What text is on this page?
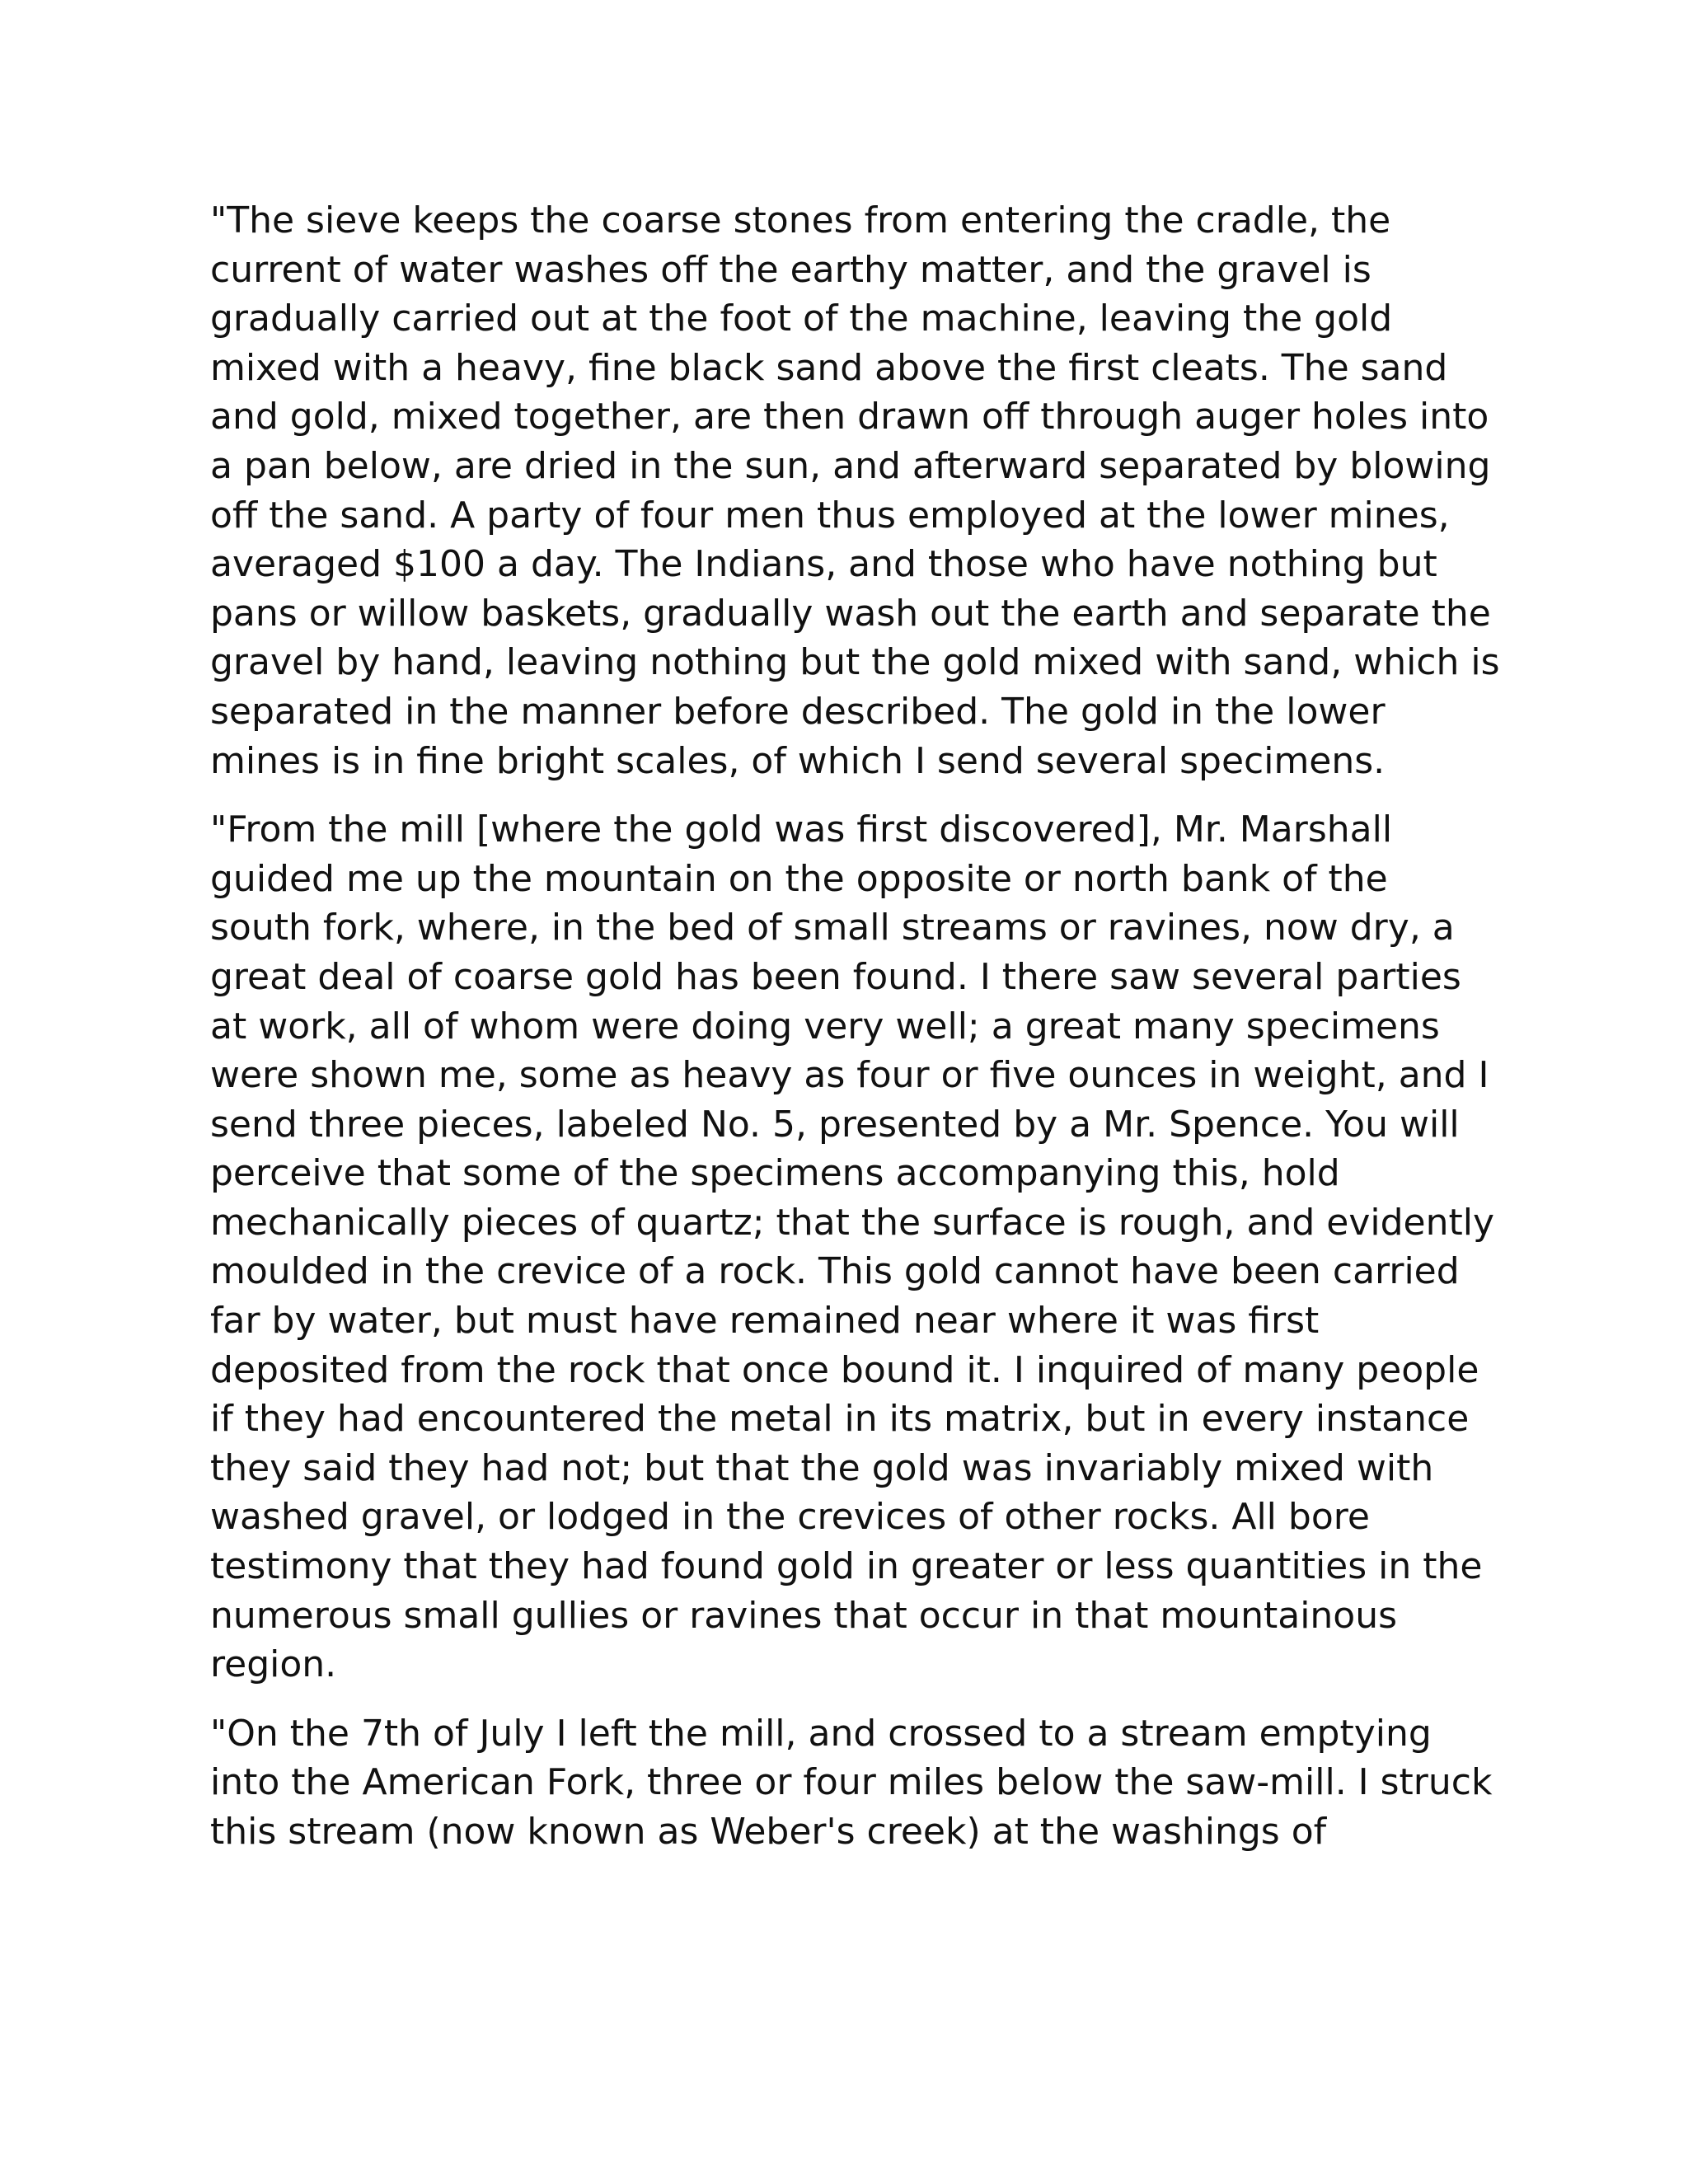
"The sieve keeps the coarse stones from entering the cradle, the current of water washes off the earthy matter, and the gravel is gradually carried out at the foot of the machine, leaving the gold mixed with a heavy, fine black sand above the first cleats. The sand and gold, mixed together, are then drawn off through auger holes into a pan below, are dried in the sun, and afterward separated by blowing off the sand. A party of four men thus employed at the lower mines, averaged $100 a day. The Indians, and those who have nothing but pans or willow baskets, gradually wash out the earth and separate the gravel by hand, leaving nothing but the gold mixed with sand, which is separated in the manner before described. The gold in the lower mines is in fine bright scales, of which I send several specimens.

"From the mill [where the gold was first discovered], Mr. Marshall guided me up the mountain on the opposite or north bank of the south fork, where, in the bed of small streams or ravines, now dry, a great deal of coarse gold has been found. I there saw several parties at work, all of whom were doing very well; a great many specimens were shown me, some as heavy as four or five ounces in weight, and I send three pieces, labeled No. 5, presented by a Mr. Spence. You will perceive that some of the specimens accompanying this, hold mechanically pieces of quartz; that the surface is rough, and evidently moulded in the crevice of a rock. This gold cannot have been carried far by water, but must have remained near where it was first deposited from the rock that once bound it. I inquired of many people if they had encountered the metal in its matrix, but in every instance they said they had not; but that the gold was invariably mixed with washed gravel, or lodged in the crevices of other rocks. All bore testimony that they had found gold in greater or less quantities in the numerous small gullies or ravines that occur in that mountainous region.

"On the 7th of July I left the mill, and crossed to a stream emptying into the American Fork, three or four miles below the saw-mill. I struck this stream (now known as Weber's creek) at the washings of
